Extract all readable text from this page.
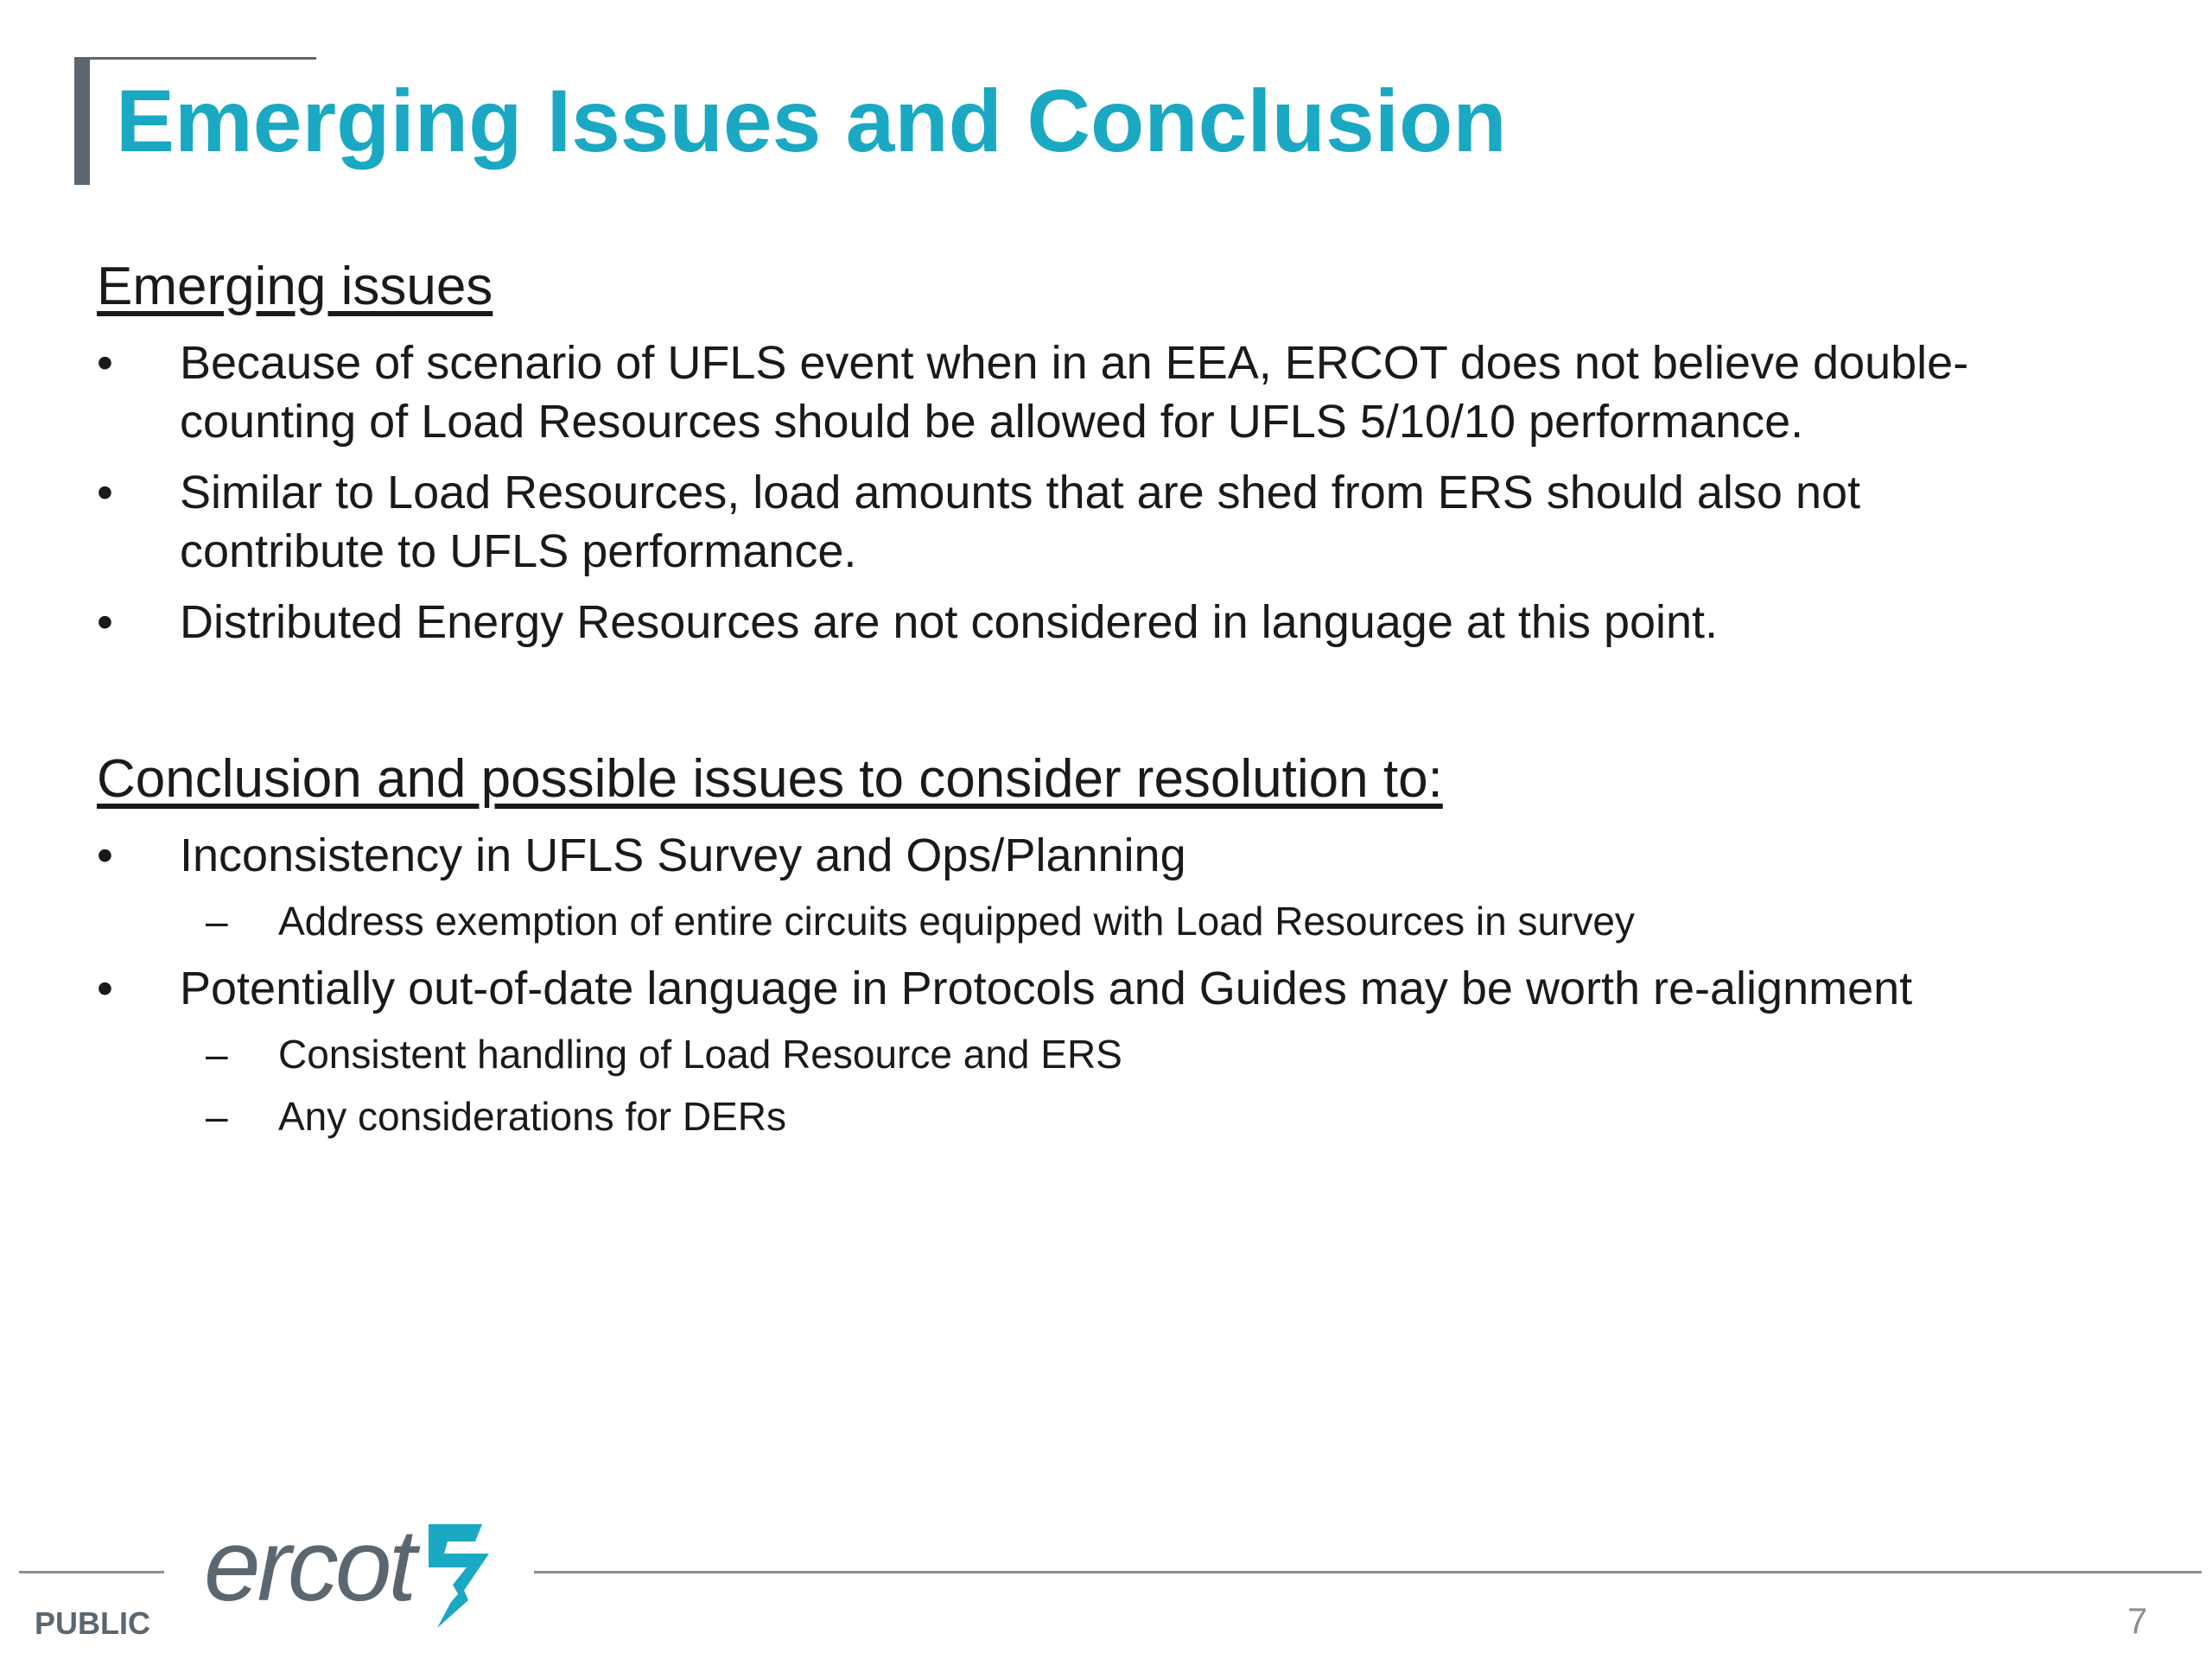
Emerging Issues and Conclusion
Emerging issues
• Because of scenario of UFLS event when in an EEA, ERCOT does not believe double-counting of Load Resources should be allowed for UFLS 5/10/10 performance.
• Similar to Load Resources, load amounts that are shed from ERS should also not contribute to UFLS performance.
• Distributed Energy Resources are not considered in language at this point.
Conclusion and possible issues to consider resolution to:
• Inconsistency in UFLS Survey and Ops/Planning
– Address exemption of entire circuits equipped with Load Resources in survey
• Potentially out-of-date language in Protocols and Guides may be worth re-alignment
– Consistent handling of Load Resource and ERS
– Any considerations for DERs
ercot
PUBLIC	7
